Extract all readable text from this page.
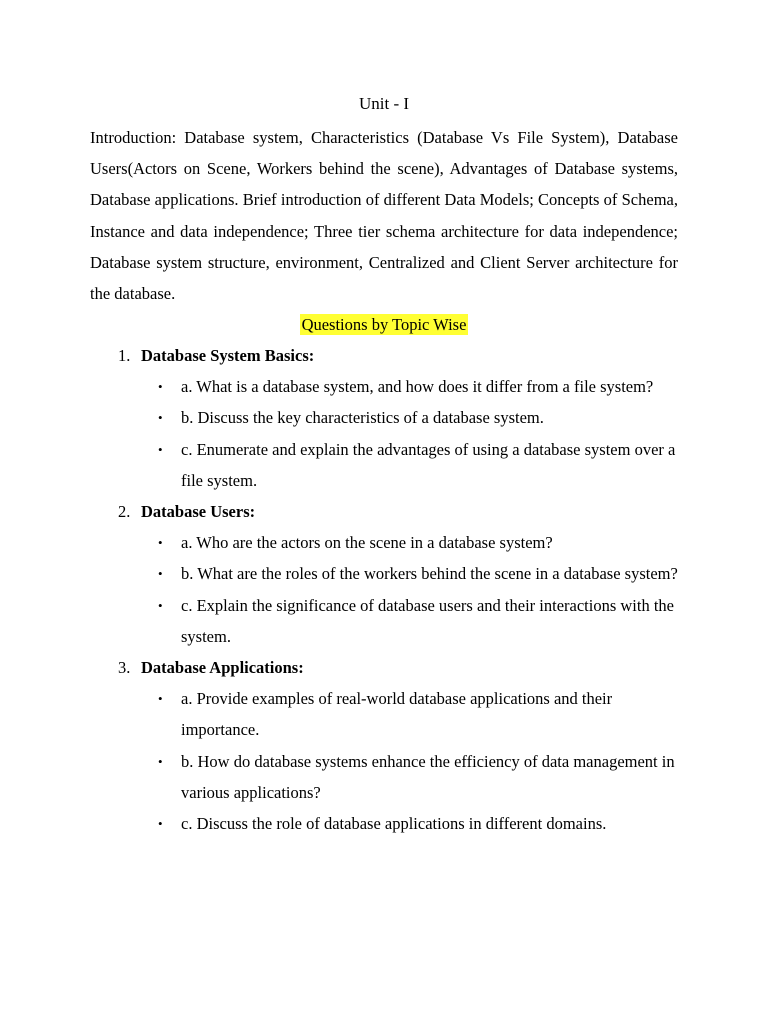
Unit - I
Introduction: Database system, Characteristics (Database Vs File System), Database Users(Actors on Scene, Workers behind the scene), Advantages of Database systems, Database applications. Brief introduction of different Data Models; Concepts of Schema, Instance and data independence; Three tier schema architecture for data independence; Database system structure, environment, Centralized and Client Server architecture for the database.
Questions by Topic Wise
1. Database System Basics:
• a. What is a database system, and how does it differ from a file system?
• b. Discuss the key characteristics of a database system.
• c. Enumerate and explain the advantages of using a database system over a file system.
2. Database Users:
• a. Who are the actors on the scene in a database system?
• b. What are the roles of the workers behind the scene in a database system?
• c. Explain the significance of database users and their interactions with the system.
3. Database Applications:
• a. Provide examples of real-world database applications and their importance.
• b. How do database systems enhance the efficiency of data management in various applications?
• c. Discuss the role of database applications in different domains.
